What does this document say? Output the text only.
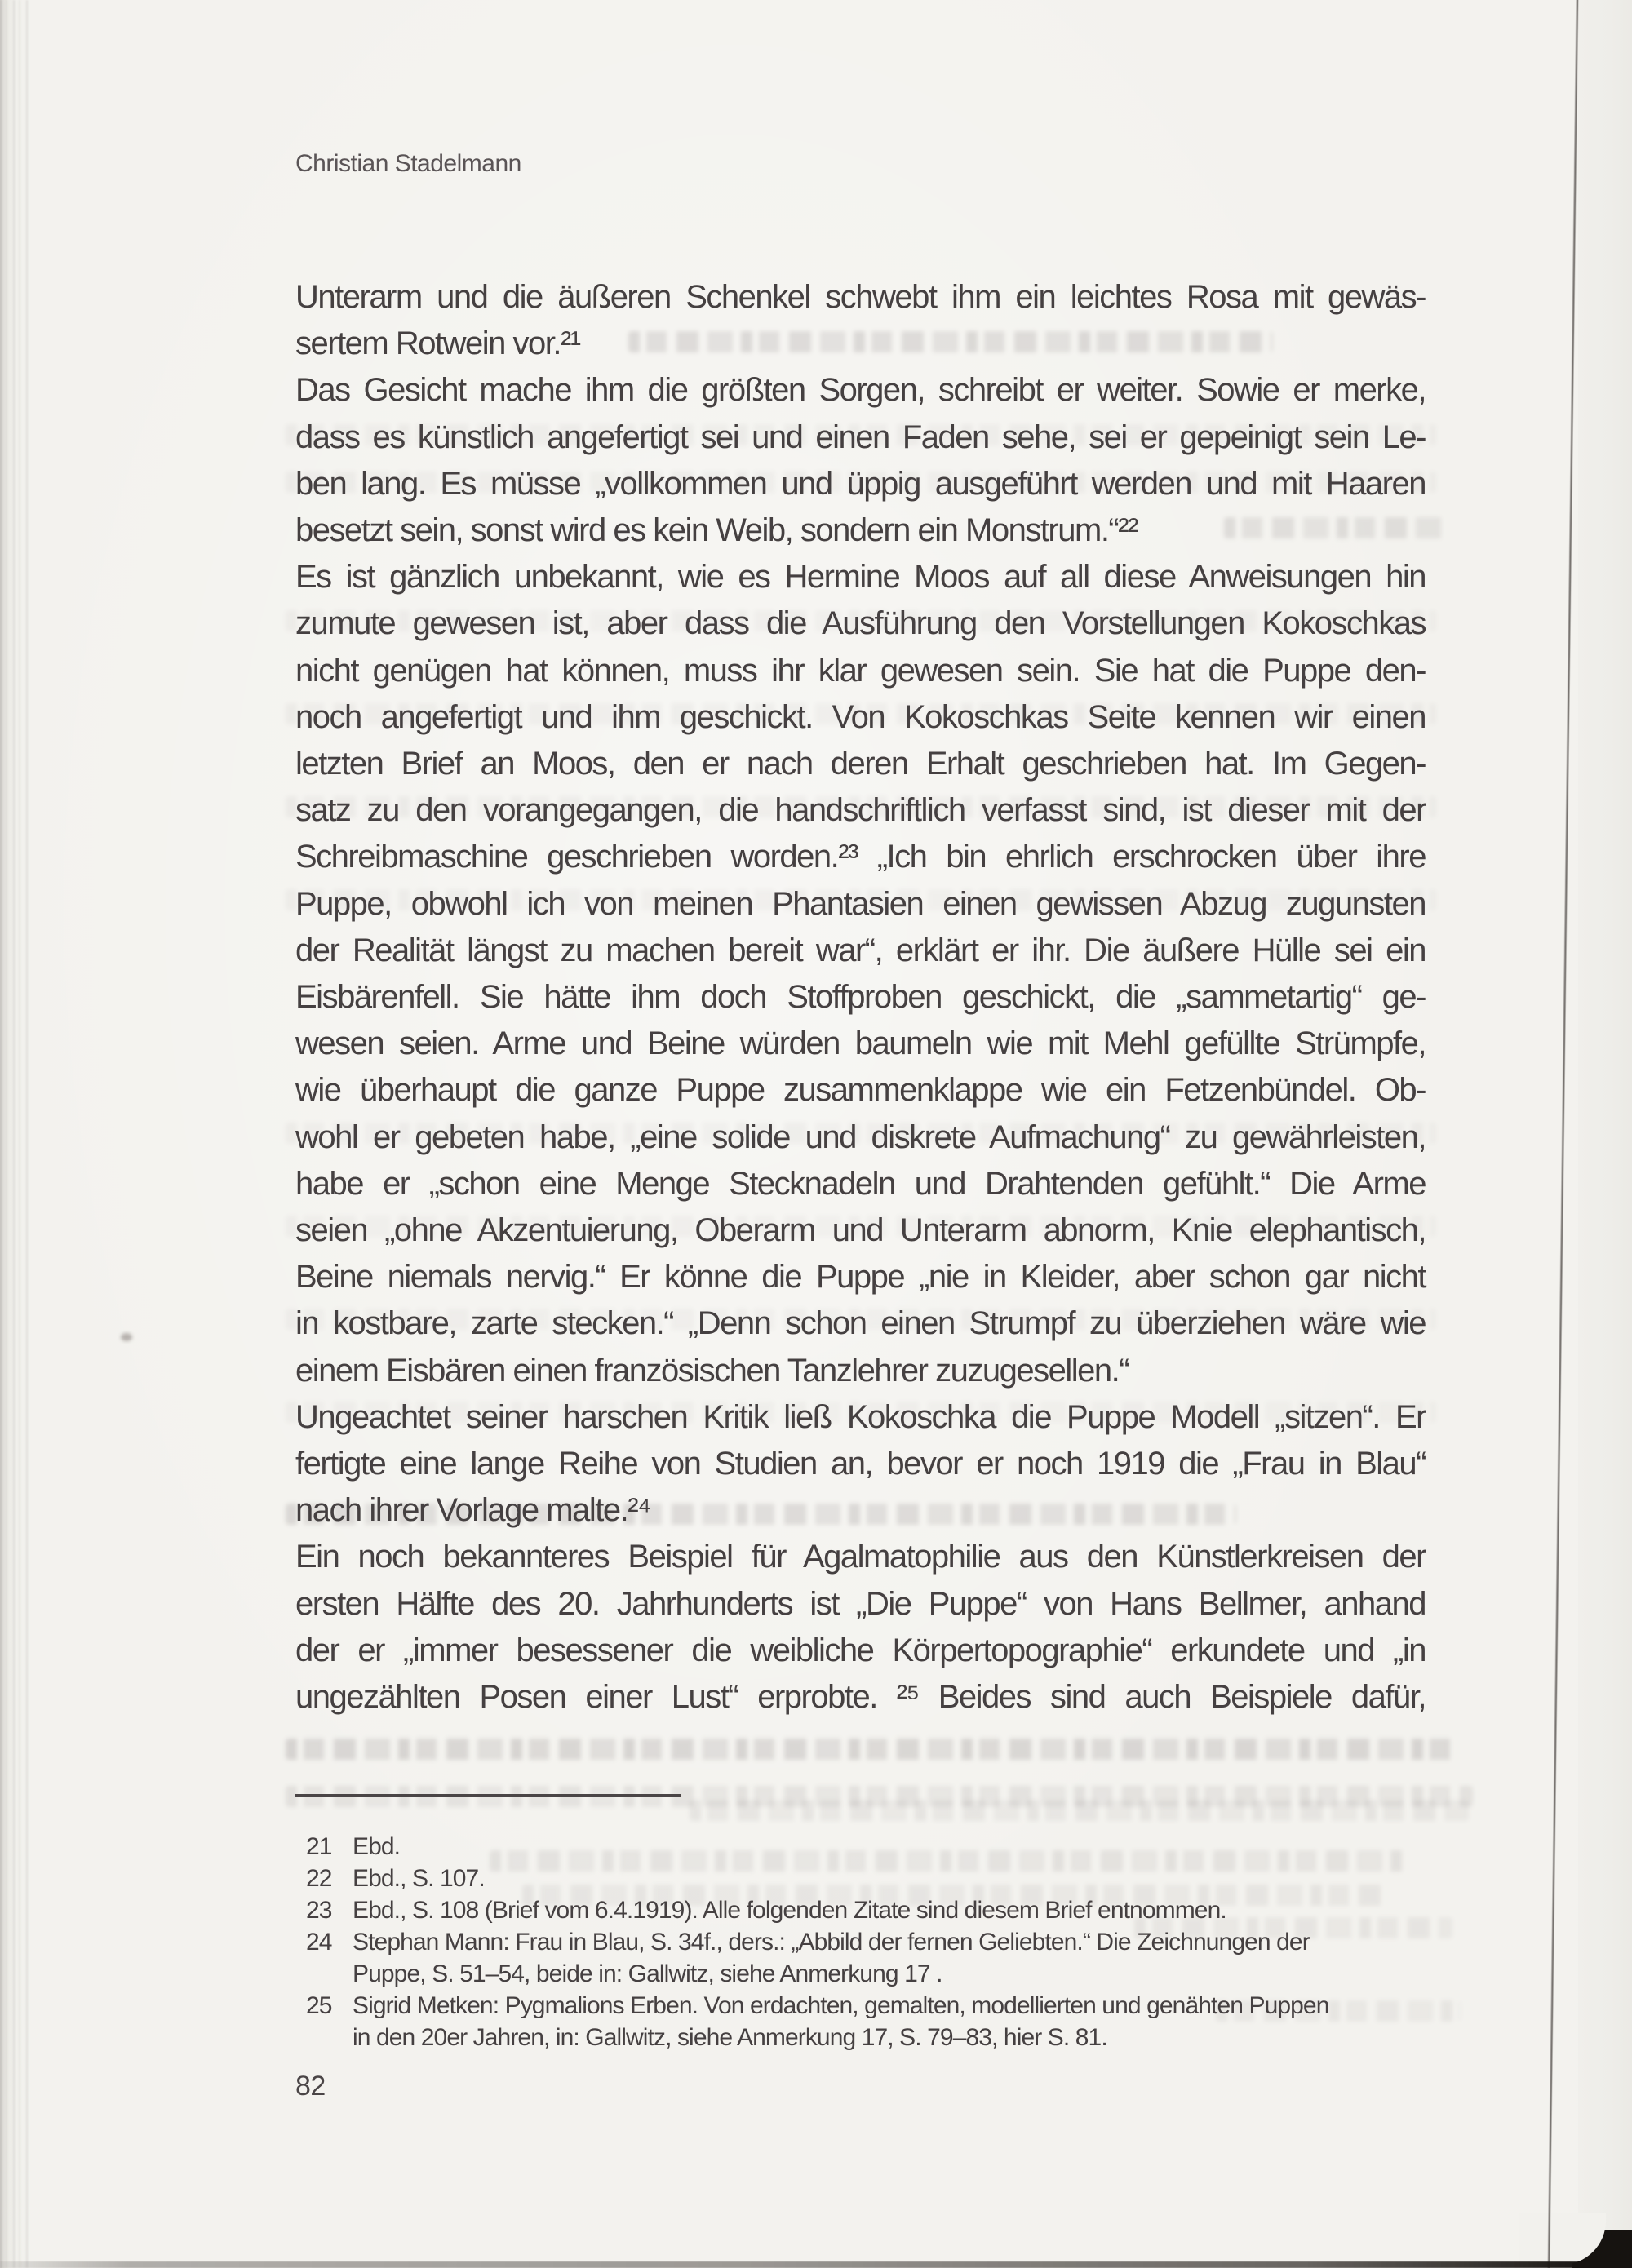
Christian Stadelmann
Unterarm und die äußeren Schenkel schwebt ihm ein leichtes Rosa mit gewäs-
sertem Rotwein vor.²¹
Das Gesicht mache ihm die größten Sorgen, schreibt er weiter. Sowie er merke,
dass es künstlich angefertigt sei und einen Faden sehe, sei er gepeinigt sein Le-
ben lang. Es müsse „vollkommen und üppig ausgeführt werden und mit Haaren
besetzt sein, sonst wird es kein Weib, sondern ein Monstrum.“²²
Es ist gänzlich unbekannt, wie es Hermine Moos auf all diese Anweisungen hin
zumute gewesen ist, aber dass die Ausführung den Vorstellungen Kokoschkas
nicht genügen hat können, muss ihr klar gewesen sein. Sie hat die Puppe den-
noch angefertigt und ihm geschickt. Von Kokoschkas Seite kennen wir einen
letzten Brief an Moos, den er nach deren Erhalt geschrieben hat. Im Gegen-
satz zu den vorangegangen, die handschriftlich verfasst sind, ist dieser mit der
Schreibmaschine geschrieben worden.²³ „Ich bin ehrlich erschrocken über ihre
Puppe, obwohl ich von meinen Phantasien einen gewissen Abzug zugunsten
der Realität längst zu machen bereit war“, erklärt er ihr. Die äußere Hülle sei ein
Eisbärenfell. Sie hätte ihm doch Stoffproben geschickt, die „sammetartig“ ge-
wesen seien. Arme und Beine würden baumeln wie mit Mehl gefüllte Strümpfe,
wie überhaupt die ganze Puppe zusammenklappe wie ein Fetzenbündel. Ob-
wohl er gebeten habe, „eine solide und diskrete Aufmachung“ zu gewährleisten,
habe er „schon eine Menge Stecknadeln und Drahtenden gefühlt.“ Die Arme
seien „ohne Akzentuierung, Oberarm und Unterarm abnorm, Knie elephantisch,
Beine niemals nervig.“ Er könne die Puppe „nie in Kleider, aber schon gar nicht
in kostbare, zarte stecken.“ „Denn schon einen Strumpf zu überziehen wäre wie
einem Eisbären einen französischen Tanzlehrer zuzugesellen.“
Ungeachtet seiner harschen Kritik ließ Kokoschka die Puppe Modell „sitzen“. Er
fertigte eine lange Reihe von Studien an, bevor er noch 1919 die „Frau in Blau“
nach ihrer Vorlage malte.²⁴
Ein noch bekannteres Beispiel für Agalmatophilie aus den Künstlerkreisen der
ersten Hälfte des 20. Jahrhunderts ist „Die Puppe“ von Hans Bellmer, anhand
der er „immer besessener die weibliche Körpertopographie“ erkundete und „in
ungezählten Posen einer Lust“ erprobte. ²⁵ Beides sind auch Beispiele dafür,
21 Ebd.
22 Ebd., S. 107.
23 Ebd., S. 108 (Brief vom 6.4.1919). Alle folgenden Zitate sind diesem Brief entnommen.
24 Stephan Mann: Frau in Blau, S. 34f., ders.: „Abbild der fernen Geliebten.“ Die Zeichnungen der
Puppe, S. 51–54, beide in: Gallwitz, siehe Anmerkung 17 .
25 Sigrid Metken: Pygmalions Erben. Von erdachten, gemalten, modellierten und genähten Puppen
in den 20er Jahren, in: Gallwitz, siehe Anmerkung 17, S. 79–83, hier S. 81.
82
